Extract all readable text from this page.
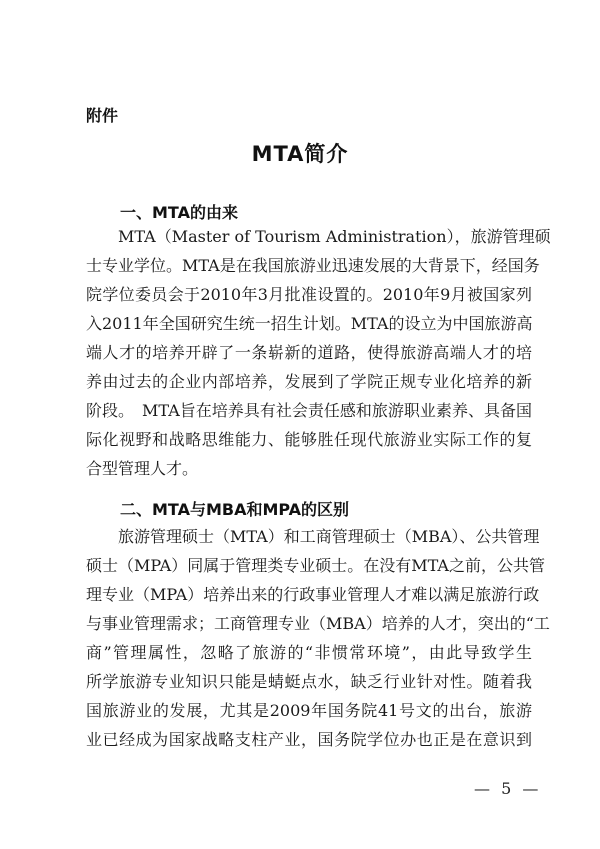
附件
MTA简介
一、MTA的由来
　　MTA（Master of Tourism Administration），旅游管理硕
士专业学位。MTA是在我国旅游业迅速发展的大背景下，经国务
院学位委员会于2010年3月批准设置的。2010年9月被国家列
入2011年全国研究生统一招生计划。MTA的设立为中国旅游高
端人才的培养开辟了一条崭新的道路，使得旅游高端人才的培
养由过去的企业内部培养，发展到了学院正规专业化培养的新
阶段。　MTA旨在培养具有社会责任感和旅游职业素养、具备国
际化视野和战略思维能力、能够胜任现代旅游业实际工作的复
合型管理人才。
二、MTA与MBA和MPA的区别
　　旅游管理硕士（MTA）和工商管理硕士（MBA）、公共管理
硕士（MPA）同属于管理类专业硕士。在没有MTA之前，公共管
理专业（MPA）培养出来的行政事业管理人才难以满足旅游行政
与事业管理需求；工商管理专业（MBA）培养的人才，突出的“工
商”管理属性，忽略了旅游的“非惯常环境”，由此导致学生
所学旅游专业知识只能是蜻蜓点水，缺乏行业针对性。随着我
国旅游业的发展，尤其是2009年国务院41号文的出台，旅游
业已经成为国家战略支柱产业，国务院学位办也正是在意识到
— 5 —
